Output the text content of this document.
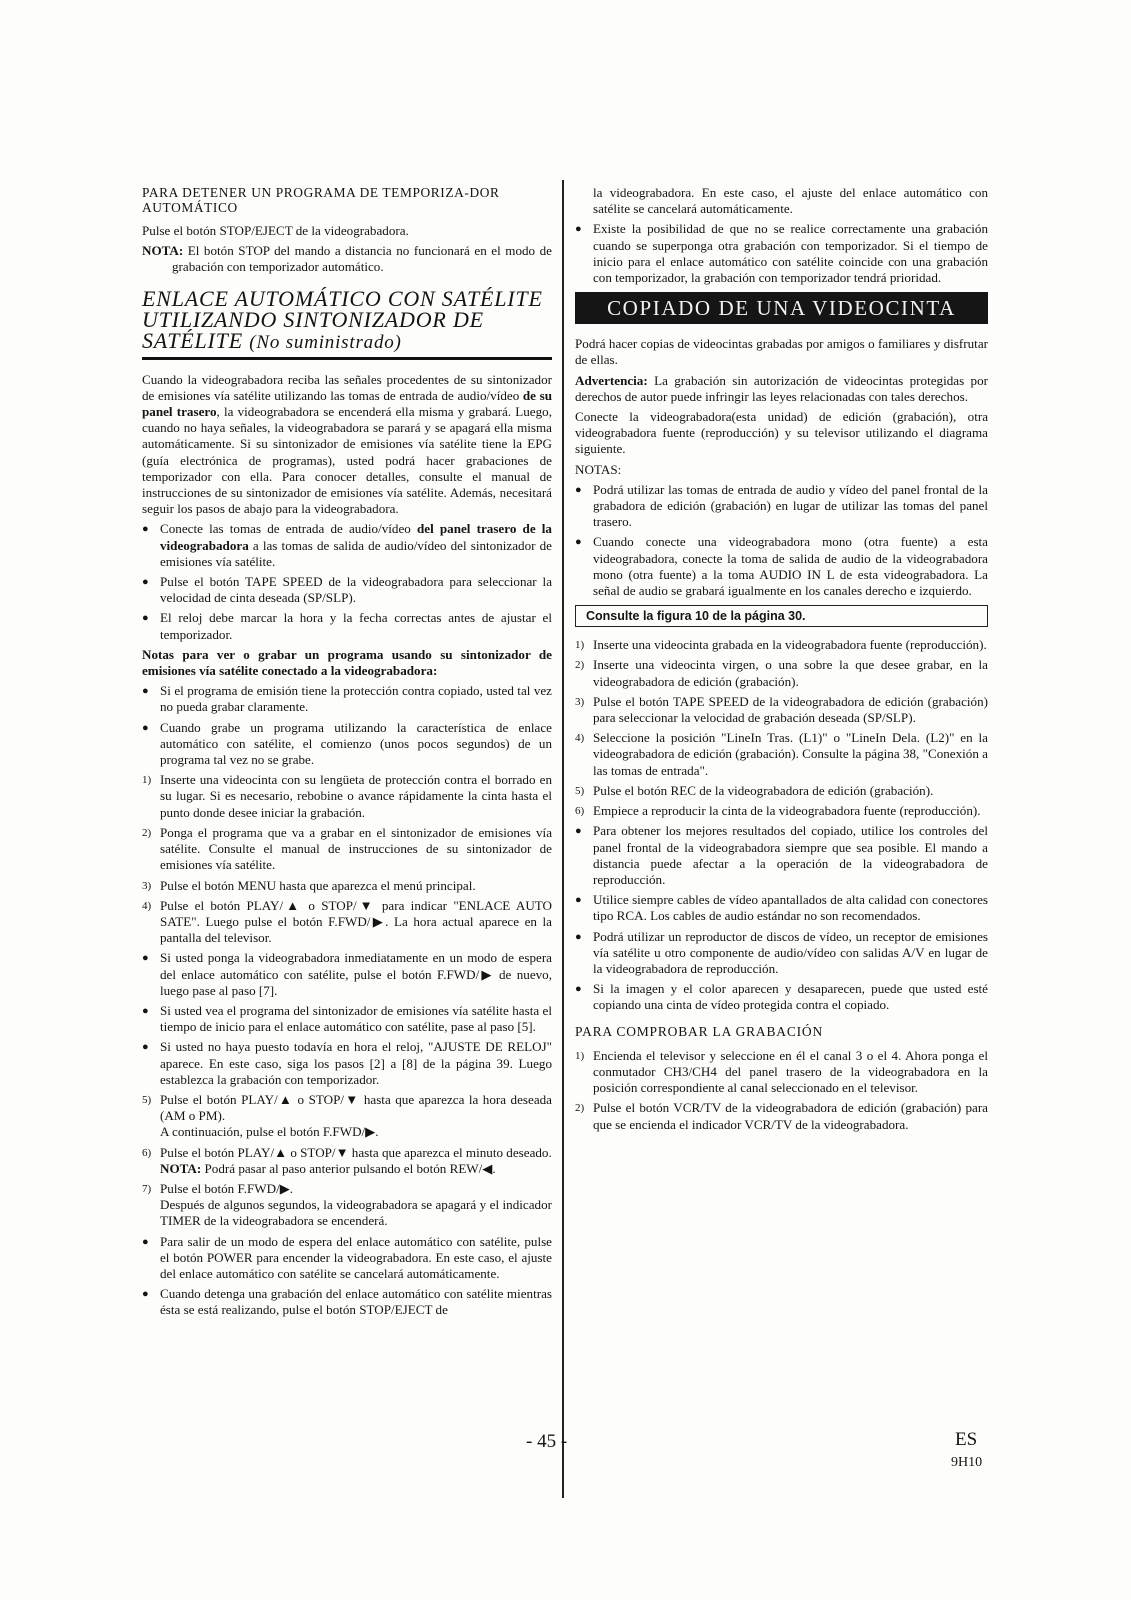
PARA DETENER UN PROGRAMA DE TEMPORIZA-DOR AUTOMÁTICO

Pulse el botón STOP/EJECT de la videograbadora.

NOTA: El botón STOP del mando a distancia no funcionará en el modo de grabación con temporizador automático.

ENLACE AUTOMÁTICO CON SATÉLITE UTILIZANDO SINTONIZADOR DE SATÉLITE (No suministrado)

Cuando la videograbadora reciba las señales procedentes de su sintonizador de emisiones vía satélite utilizando las tomas de entrada de audio/vídeo de su panel trasero, la videograbadora se encenderá ella misma y grabará. Luego, cuando no haya señales, la videograbadora se parará y se apagará ella misma automáticamente. Si su sintonizador de emisiones vía satélite tiene la EPG (guía electrónica de programas), usted podrá hacer grabaciones de temporizador con ella. Para conocer detalles, consulte el manual de instrucciones de su sintonizador de emisiones vía satélite. Además, necesitará seguir los pasos de abajo para la videograbadora.

● Conecte las tomas de entrada de audio/vídeo del panel trasero de la videograbadora a las tomas de salida de audio/vídeo del sintonizador de emisiones vía satélite.
● Pulse el botón TAPE SPEED de la videograbadora para seleccionar la velocidad de cinta deseada (SP/SLP).
● El reloj debe marcar la hora y la fecha correctas antes de ajustar el temporizador.

Notas para ver o grabar un programa usando su sintonizador de emisiones vía satélite conectado a la videograbadora:

● Si el programa de emisión tiene la protección contra copiado, usted tal vez no pueda grabar claramente.
● Cuando grabe un programa utilizando la característica de enlace automático con satélite, el comienzo (unos pocos segundos) de un programa tal vez no se grabe.
1) Inserte una videocinta con su lengüeta de protección contra el borrado en su lugar. Si es necesario, rebobine o avance rápidamente la cinta hasta el punto donde desee iniciar la grabación.
2) Ponga el programa que va a grabar en el sintonizador de emisiones vía satélite. Consulte el manual de instrucciones de su sintonizador de emisiones vía satélite.
3) Pulse el botón MENU hasta que aparezca el menú principal.
4) Pulse el botón PLAY/▲ o STOP/▼ para indicar "ENLACE AUTO SATE". Luego pulse el botón F.FWD/▶. La hora actual aparece en la pantalla del televisor.
● Si usted ponga la videograbadora inmediatamente en un modo de espera del enlace automático con satélite, pulse el botón F.FWD/▶ de nuevo, luego pase al paso [7].
● Si usted vea el programa del sintonizador de emisiones vía satélite hasta el tiempo de inicio para el enlace automático con satélite, pase al paso [5].
● Si usted no haya puesto todavía en hora el reloj, "AJUSTE DE RELOJ" aparece. En este caso, siga los pasos [2] a [8] de la página 39. Luego establezca la grabación con temporizador.
5) Pulse el botón PLAY/▲ o STOP/▼ hasta que aparezca la hora deseada (AM o PM).
A continuación, pulse el botón F.FWD/▶.
6) Pulse el botón PLAY/▲ o STOP/▼ hasta que aparezca el minuto deseado.
NOTA: Podrá pasar al paso anterior pulsando el botón REW/◀.
7) Pulse el botón F.FWD/▶.
Después de algunos segundos, la videograbadora se apagará y el indicador TIMER de la videograbadora se encenderá.
● Para salir de un modo de espera del enlace automático con satélite, pulse el botón POWER para encender la videograbadora. En este caso, el ajuste del enlace automático con satélite se cancelará automáticamente.
● Cuando detenga una grabación del enlace automático con satélite mientras ésta se está realizando, pulse el botón STOP/EJECT de

la videograbadora. En este caso, el ajuste del enlace automático con satélite se cancelará automáticamente.

● Existe la posibilidad de que no se realice correctamente una grabación cuando se superponga otra grabación con temporizador. Si el tiempo de inicio para el enlace automático con satélite coincide con una grabación con temporizador, la grabación con temporizador tendrá prioridad.
COPIADO DE UNA VIDEOCINTA

Podrá hacer copias de videocintas grabadas por amigos o familiares y disfrutar de ellas.

Advertencia: La grabación sin autorización de videocintas protegidas por derechos de autor puede infringir las leyes relacionadas con tales derechos.

Conecte la videograbadora(esta unidad) de edición (grabación), otra videograbadora fuente (reproducción) y su televisor utilizando el diagrama siguiente.

NOTAS:

● Podrá utilizar las tomas de entrada de audio y vídeo del panel frontal de la grabadora de edición (grabación) en lugar de utilizar las tomas del panel trasero.
● Cuando conecte una videograbadora mono (otra fuente) a esta videograbadora, conecte la toma de salida de audio de la videograbadora mono (otra fuente) a la toma AUDIO IN L de esta videograbadora. La señal de audio se grabará igualmente en los canales derecho e izquierdo.
Consulte la figura 10 de la página 30.
1) Inserte una videocinta grabada en la videograbadora fuente (reproducción).
2) Inserte una videocinta virgen, o una sobre la que desee grabar, en la videograbadora de edición (grabación).
3) Pulse el botón TAPE SPEED de la videograbadora de edición (grabación) para seleccionar la velocidad de grabación deseada (SP/SLP).
4) Seleccione la posición "LineIn Tras. (L1)" o "LineIn Dela. (L2)" en la videograbadora de edición (grabación). Consulte la página 38, "Conexión a las tomas de entrada".
5) Pulse el botón REC de la videograbadora de edición (grabación).
6) Empiece a reproducir la cinta de la videograbadora fuente (reproducción).
● Para obtener los mejores resultados del copiado, utilice los controles del panel frontal de la videograbadora siempre que sea posible. El mando a distancia puede afectar a la operación de la videograbadora de reproducción.
● Utilice siempre cables de vídeo apantallados de alta calidad con conectores tipo RCA. Los cables de audio estándar no son recomendados.
● Podrá utilizar un reproductor de discos de vídeo, un receptor de emisiones vía satélite u otro componente de audio/vídeo con salidas A/V en lugar de la videograbadora de reproducción.
● Si la imagen y el color aparecen y desaparecen, puede que usted esté copiando una cinta de vídeo protegida contra el copiado.
PARA COMPROBAR LA GRABACIÓN
1) Encienda el televisor y seleccione en él el canal 3 o el 4. Ahora ponga el conmutador CH3/CH4 del panel trasero de la videograbadora en la posición correspondiente al canal seleccionado en el televisor.
2) Pulse el botón VCR/TV de la videograbadora de edición (grabación) para que se encienda el indicador VCR/TV de la videograbadora.
- 45 -	ES
9H10
